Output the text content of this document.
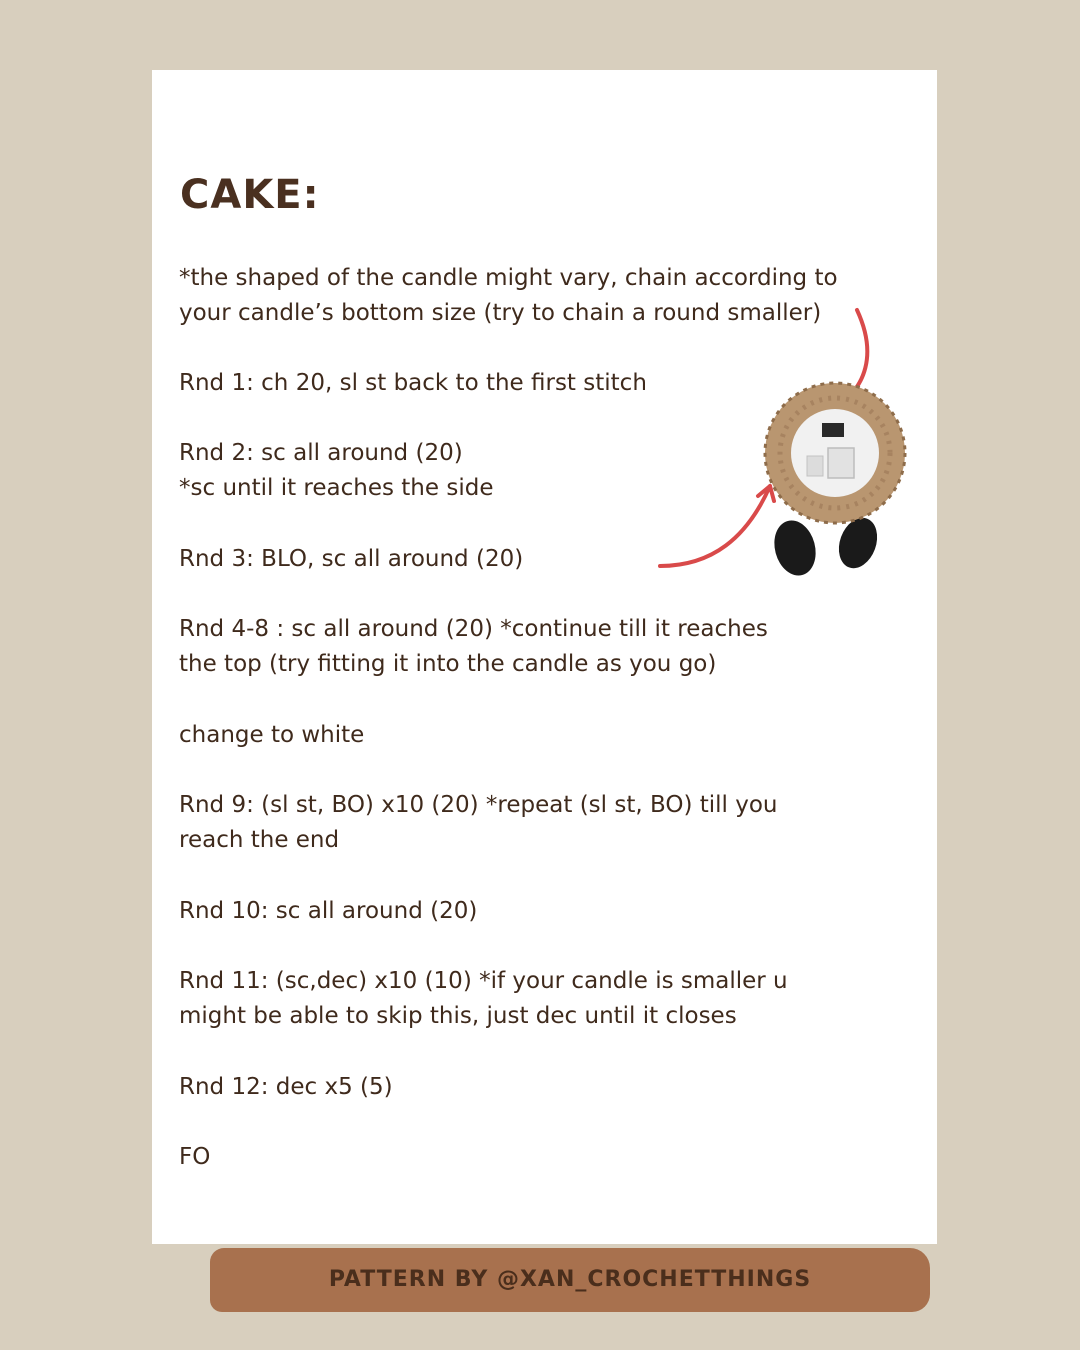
CAKE:

*the shaped of the candle might vary, chain according to

your candle’s bottom size (try to chain a round smaller)

Rnd 1: ch 20, sl st back to the first stitch

Rnd 2: sc all around (20)

*sc until it reaches the side

Rnd 3: BLO, sc all around (20)

Rnd 4-8 : sc all around (20) *continue till it reaches

the top (try fitting it into the candle as you go)

change to white

Rnd 9: (sl st, BO) x10 (20) *repeat (sl st, BO) till you

reach the end

Rnd 10: sc all around (20)

Rnd 11: (sc,dec) x10 (10) *if your candle is smaller u

might be able to skip this, just dec until it closes

Rnd 12: dec x5 (5)

FO

PATTERN BY @XAN_CROCHETTHINGS
